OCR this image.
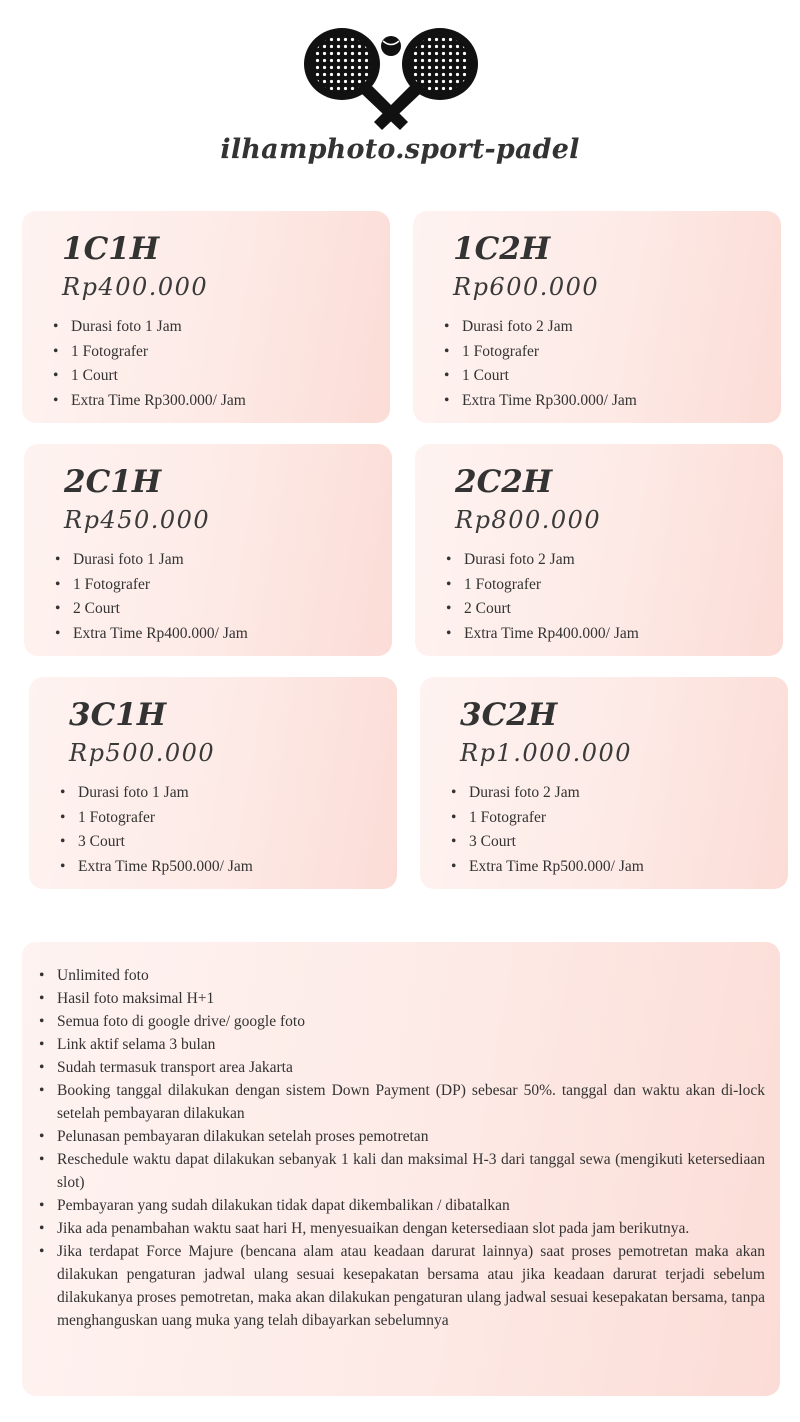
ilhamphoto.sport-padel
1C1H
Rp400.000
• Durasi foto 1 Jam
• 1 Fotografer
• 1 Court
• Extra Time Rp300.000/ Jam
1C2H
Rp600.000
• Durasi foto 2 Jam
• 1 Fotografer
• 1 Court
• Extra Time Rp300.000/ Jam
2C1H
Rp450.000
• Durasi foto 1 Jam
• 1 Fotografer
• 2 Court
• Extra Time Rp400.000/ Jam
2C2H
Rp800.000
• Durasi foto 2 Jam
• 1 Fotografer
• 2 Court
• Extra Time Rp400.000/ Jam
3C1H
Rp500.000
• Durasi foto 1 Jam
• 1 Fotografer
• 3 Court
• Extra Time Rp500.000/ Jam
3C2H
Rp1.000.000
• Durasi foto 2 Jam
• 1 Fotografer
• 3 Court
• Extra Time Rp500.000/ Jam
• Unlimited foto
• Hasil foto maksimal H+1
• Semua foto di google drive/ google foto
• Link aktif selama 3 bulan
• Sudah termasuk transport area Jakarta
• Booking tanggal dilakukan dengan sistem Down Payment (DP) sebesar 50%. tanggal dan waktu akan di-lock setelah pembayaran dilakukan
• Pelunasan pembayaran dilakukan setelah proses pemotretan
• Reschedule waktu dapat dilakukan sebanyak 1 kali dan maksimal H-3 dari tanggal sewa (mengikuti ketersediaan slot)
• Pembayaran yang sudah dilakukan tidak dapat dikembalikan / dibatalkan
• Jika ada penambahan waktu saat hari H, menyesuaikan dengan ketersediaan slot pada jam berikutnya.
• Jika terdapat Force Majure (bencana alam atau keadaan darurat lainnya) saat proses pemotretan maka akan dilakukan pengaturan jadwal ulang sesuai kesepakatan bersama atau jika keadaan darurat terjadi sebelum dilakukanya proses pemotretan, maka akan dilakukan pengaturan ulang jadwal sesuai kesepakatan bersama, tanpa menghanguskan uang muka yang telah dibayarkan sebelumnya
